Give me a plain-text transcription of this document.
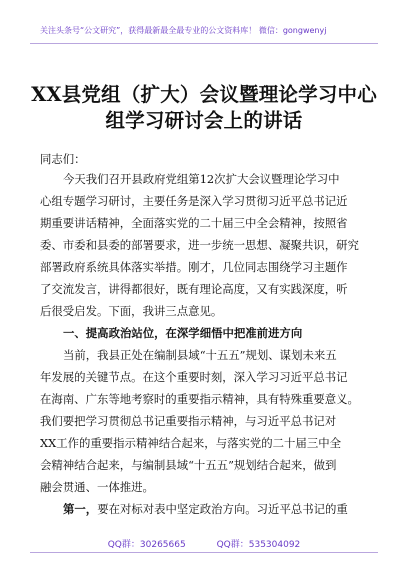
关注头条号“公文研究”，获得最新最全最专业的公文资料库！ 微信：gongwenyj
XX县党组（扩大）会议暨理论学习中心
组学习研讨会上的讲话
同志们：
今天我们召开县政府党组第12次扩大会议暨理论学习中
心组专题学习研讨，主要任务是深入学习贯彻习近平总书记近
期重要讲话精神，全面落实党的二十届三中全会精神，按照省
委、市委和县委的部署要求，进一步统一思想、凝聚共识，研究
部署政府系统具体落实举措。刚才，几位同志围绕学习主题作
了交流发言，讲得都很好，既有理论高度，又有实践深度，听
后很受启发。下面，我讲三点意见。
一、提高政治站位，在深学细悟中把准前进方向
当前，我县正处在编制县域“十五五”规划、谋划未来五
年发展的关键节点。在这个重要时刻，深入学习习近平总书记
在海南、广东等地考察时的重要指示精神，具有特殊重要意义。
我们要把学习贯彻总书记重要指示精神，与习近平总书记对
XX工作的重要指示精神结合起来，与落实党的二十届三中全
会精神结合起来，与编制县域“十五五”规划结合起来，做到
融会贯通、一体推进。
第一，要在对标对表中坚定政治方向。习近平总书记的重
QQ群：30265665	QQ群：535304092
